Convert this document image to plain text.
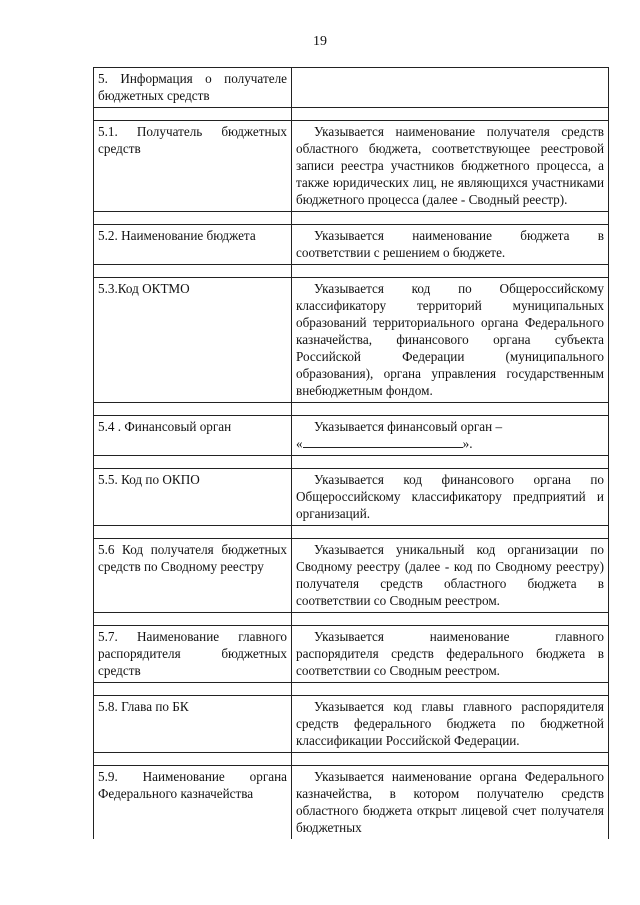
19
5. Информация о получателе бюджетных средств	

5.1. Получатель бюджетных средств	Указывается наименование получателя средств областного бюджета, соответствующее реестровой записи реестра участников бюджетного процесса, а также юридических лиц, не являющихся участниками бюджетного процесса (далее - Сводный реестр).

5.2. Наименование бюджета	Указывается наименование бюджета в соответствии с решением о бюджете.

5.3.Код ОКТМО	Указывается код по Общероссийскому классификатору территорий муниципальных образований территориального органа Федерального казначейства, финансового органа субъекта Российской Федерации (муниципального образования), органа управления государственным внебюджетным фондом.

5.4 . Финансовый орган	Указывается финансовый орган –
« ».

5.5. Код по ОКПО	Указывается код финансового органа по Общероссийскому классификатору предприятий и организаций.

5.6 Код получателя бюджетных средств по Сводному реестру	Указывается уникальный код организации по Сводному реестру (далее - код по Сводному реестру) получателя средств областного бюджета в соответствии со Сводным реестром.

5.7. Наименование главного распорядителя бюджетных средств	Указывается наименование главного распорядителя средств федерального бюджета в соответствии со Сводным реестром.

5.8. Глава по БК	Указывается код главы главного распорядителя средств федерального бюджета по бюджетной классификации Российской Федерации.

5.9. Наименование органа Федерального казначейства	Указывается наименование органа Федерального казначейства, в котором получателю средств областного бюджета открыт лицевой счет получателя бюджетных
